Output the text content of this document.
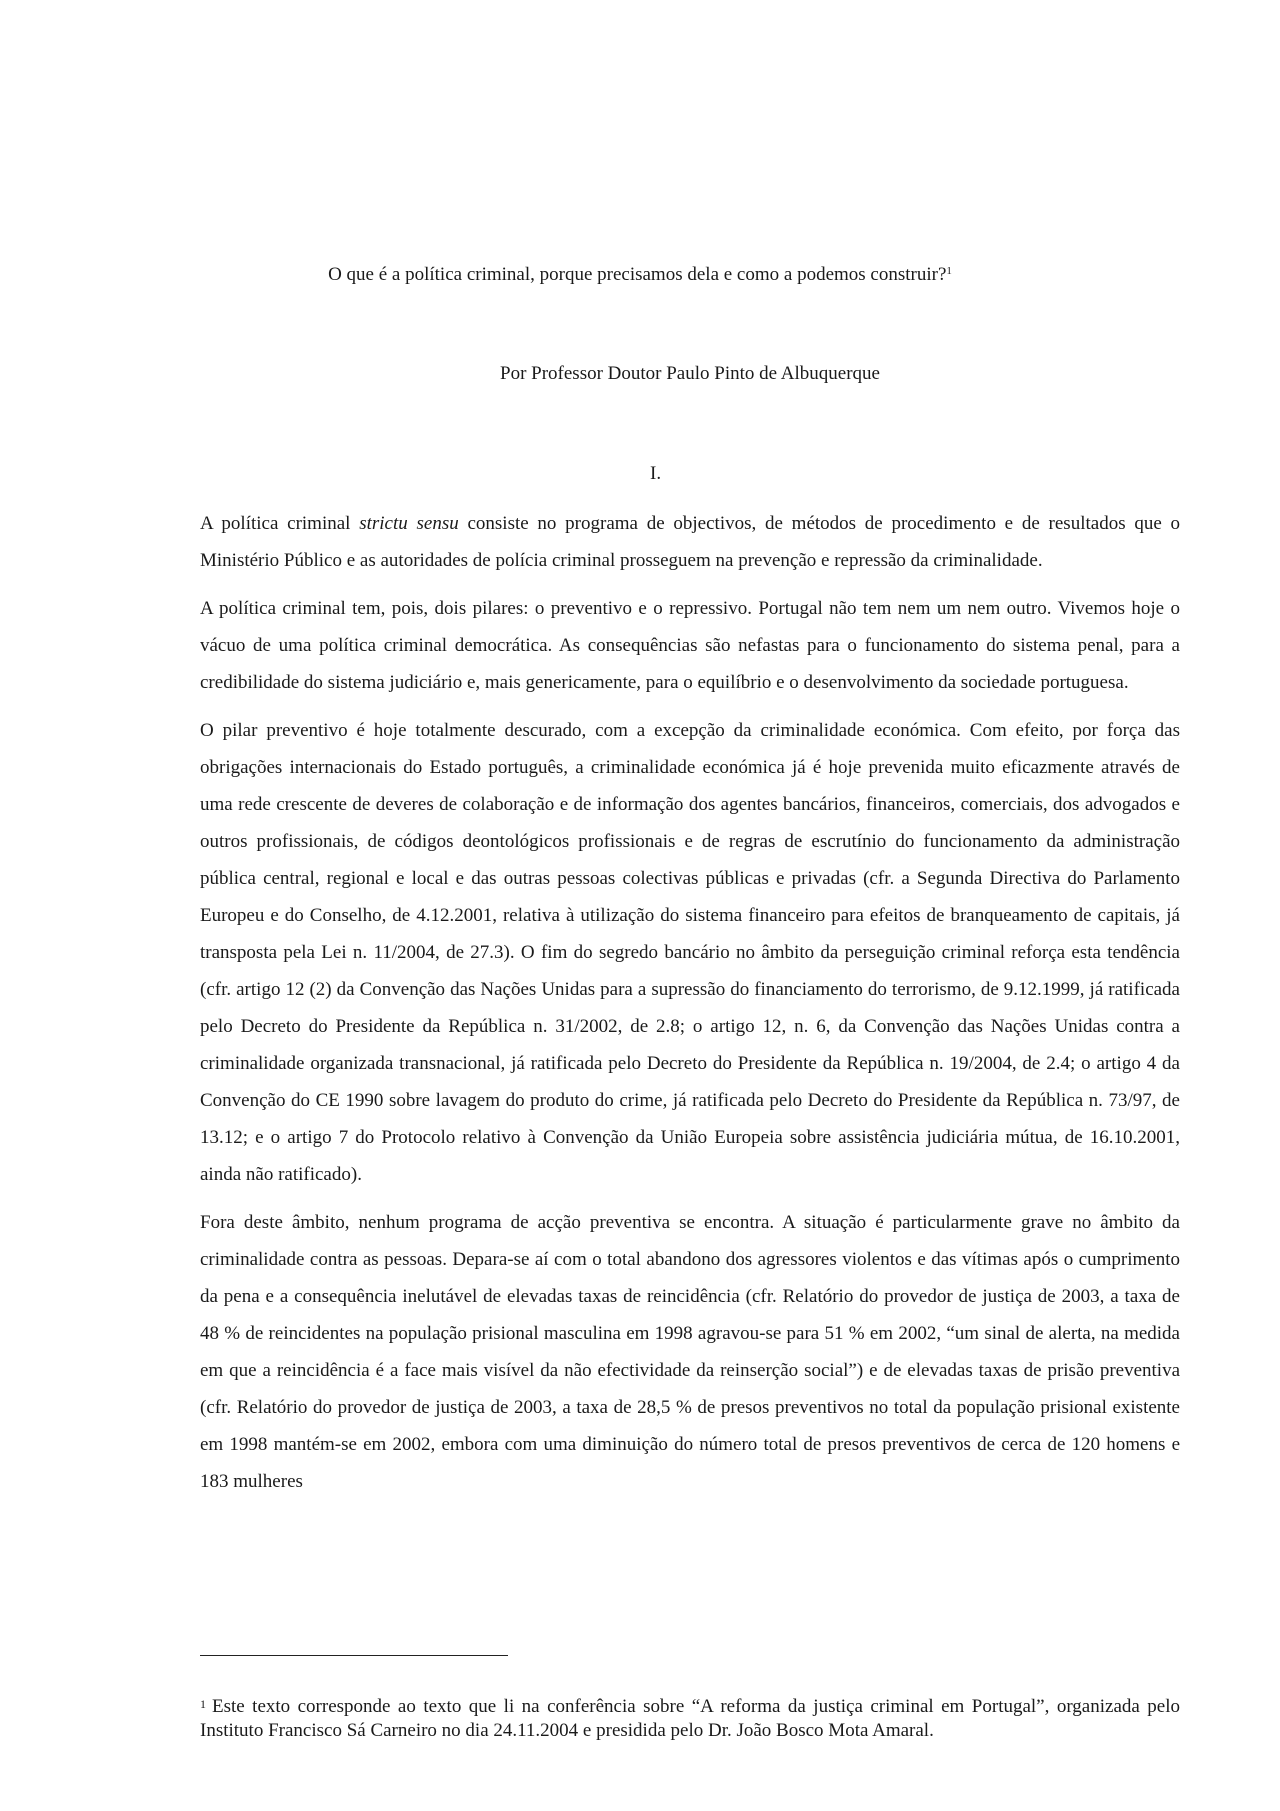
O que é a política criminal, porque precisamos dela e como a podemos construir?$^1$
Por Professor Doutor Paulo Pinto de Albuquerque
I.

A política criminal strictu sensu consiste no programa de objectivos, de métodos de procedimento e de resultados que o Ministério Público e as autoridades de polícia criminal prosseguem na prevenção e repressão da criminalidade.

A política criminal tem, pois, dois pilares: o preventivo e o repressivo. Portugal não tem nem um nem outro. Vivemos hoje o vácuo de uma política criminal democrática. As consequências são nefastas para o funcionamento do sistema penal, para a credibilidade do sistema judiciário e, mais genericamente, para o equilíbrio e o desenvolvimento da sociedade portuguesa.

O pilar preventivo é hoje totalmente descurado, com a excepção da criminalidade económica. Com efeito, por força das obrigações internacionais do Estado português, a criminalidade económica já é hoje prevenida muito eficazmente através de uma rede crescente de deveres de colaboração e de informação dos agentes bancários, financeiros, comerciais, dos advogados e outros profissionais, de códigos deontológicos profissionais e de regras de escrutínio do funcionamento da administração pública central, regional e local e das outras pessoas colectivas públicas e privadas (cfr. a Segunda Directiva do Parlamento Europeu e do Conselho, de 4.12.2001, relativa à utilização do sistema financeiro para efeitos de branqueamento de capitais, já transposta pela Lei n. 11/2004, de 27.3). O fim do segredo bancário no âmbito da perseguição criminal reforça esta tendência (cfr. artigo 12 (2) da Convenção das Nações Unidas para a supressão do financiamento do terrorismo, de 9.12.1999, já ratificada pelo Decreto do Presidente da República n. 31/2002, de 2.8; o artigo 12, n. 6, da Convenção das Nações Unidas contra a criminalidade organizada transnacional, já ratificada pelo Decreto do Presidente da República n. 19/2004, de 2.4; o artigo 4 da Convenção do CE 1990 sobre lavagem do produto do crime, já ratificada pelo Decreto do Presidente da República n. 73/97, de 13.12; e o artigo 7 do Protocolo relativo à Convenção da União Europeia sobre assistência judiciária mútua, de 16.10.2001, ainda não ratificado).

Fora deste âmbito, nenhum programa de acção preventiva se encontra. A situação é particularmente grave no âmbito da criminalidade contra as pessoas. Depara-se aí com o total abandono dos agressores violentos e das vítimas após o cumprimento da pena e a consequência inelutável de elevadas taxas de reincidência (cfr. Relatório do provedor de justiça de 2003, a taxa de 48 % de reincidentes na população prisional masculina em 1998 agravou-se para 51 % em 2002, “um sinal de alerta, na medida em que a reincidência é a face mais visível da não efectividade da reinserção social”) e de elevadas taxas de prisão preventiva (cfr. Relatório do provedor de justiça de 2003, a taxa de 28,5 % de presos preventivos no total da população prisional existente em 1998 mantém-se em 2002, embora com uma diminuição do número total de presos preventivos de cerca de 120 homens e 183 mulheres

$^1$ Este texto corresponde ao texto que li na conferência sobre “A reforma da justiça criminal em Portugal”, organizada pelo Instituto Francisco Sá Carneiro no dia 24.11.2004 e presidida pelo Dr. João Bosco Mota Amaral.
